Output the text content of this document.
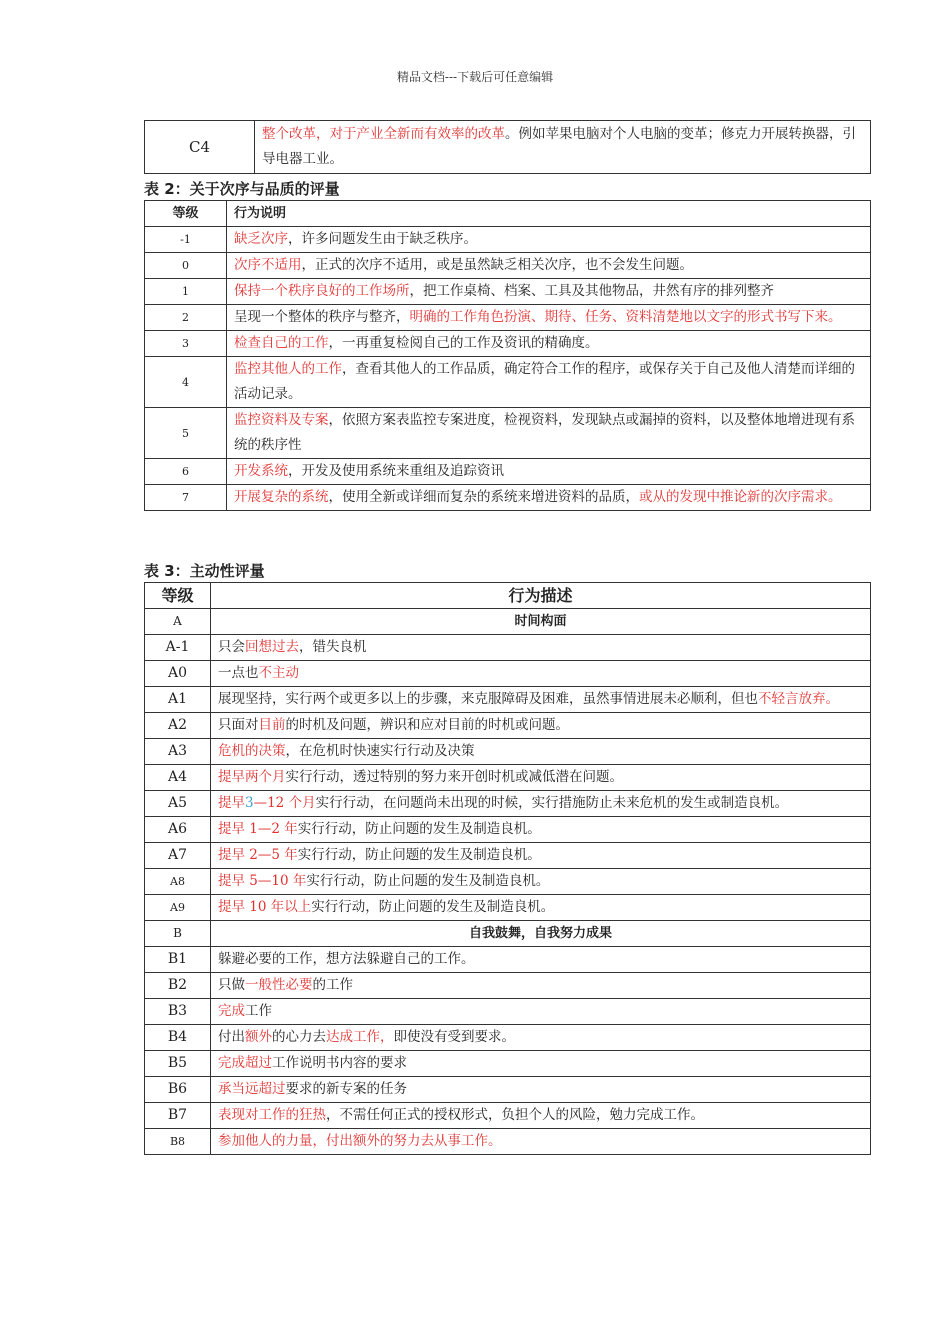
精品文档---下载后可任意编辑
C4	整个改革，对于产业全新而有效率的改革。例如苹果电脑对个人电脑的变革；修克力开展转换器，引导电器工业。
表 2：关于次序与品质的评量
等级	行为说明
-1	缺乏次序，许多问题发生由于缺乏秩序。
0	次序不适用，正式的次序不适用，或是虽然缺乏相关次序，也不会发生问题。
1	保持一个秩序良好的工作场所，把工作桌椅、档案、工具及其他物品，井然有序的排列整齐
2	呈现一个整体的秩序与整齐，明确的工作角色扮演、期待、任务、资料清楚地以文字的形式书写下来。
3	检查自己的工作，一再重复检阅自己的工作及资讯的精确度。
4	监控其他人的工作，查看其他人的工作品质，确定符合工作的程序，或保存关于自己及他人清楚而详细的活动记录。
5	监控资料及专案，依照方案表监控专案进度，检视资料，发现缺点或漏掉的资料，以及整体地增进现有系统的秩序性
6	开发系统，开发及使用系统来重组及追踪资讯
7	开展复杂的系统，使用全新或详细而复杂的系统来增进资料的品质，或从的发现中推论新的次序需求。
表 3：主动性评量
等级	行为描述
A	时间构面
A-1	只会回想过去，错失良机
A0	一点也不主动
A1	展现坚持，实行两个或更多以上的步骤，来克服障碍及困难，虽然事情进展未必顺利，但也不轻言放弃。
A2	只面对目前的时机及问题，辨识和应对目前的时机或问题。
A3	危机的决策，在危机时快速实行行动及决策
A4	提早两个月实行行动，透过特别的努力来开创时机或减低潜在问题。
A5	提早3—12 个月实行行动，在问题尚未出现的时候，实行措施防止未来危机的发生或制造良机。
A6	提早 1—2 年实行行动，防止问题的发生及制造良机。
A7	提早 2—5 年实行行动，防止问题的发生及制造良机。
A8	提早 5—10 年实行行动，防止问题的发生及制造良机。
A9	提早 10 年以上实行行动，防止问题的发生及制造良机。
B	自我鼓舞，自我努力成果
B1	躲避必要的工作，想方法躲避自己的工作。
B2	只做一般性必要的工作
B3	完成工作
B4	付出额外的心力去达成工作，即使没有受到要求。
B5	完成超过工作说明书内容的要求
B6	承当远超过要求的新专案的任务
B7	表现对工作的狂热，不需任何正式的授权形式，负担个人的风险，勉力完成工作。
B8	参加他人的力量，付出额外的努力去从事工作。
